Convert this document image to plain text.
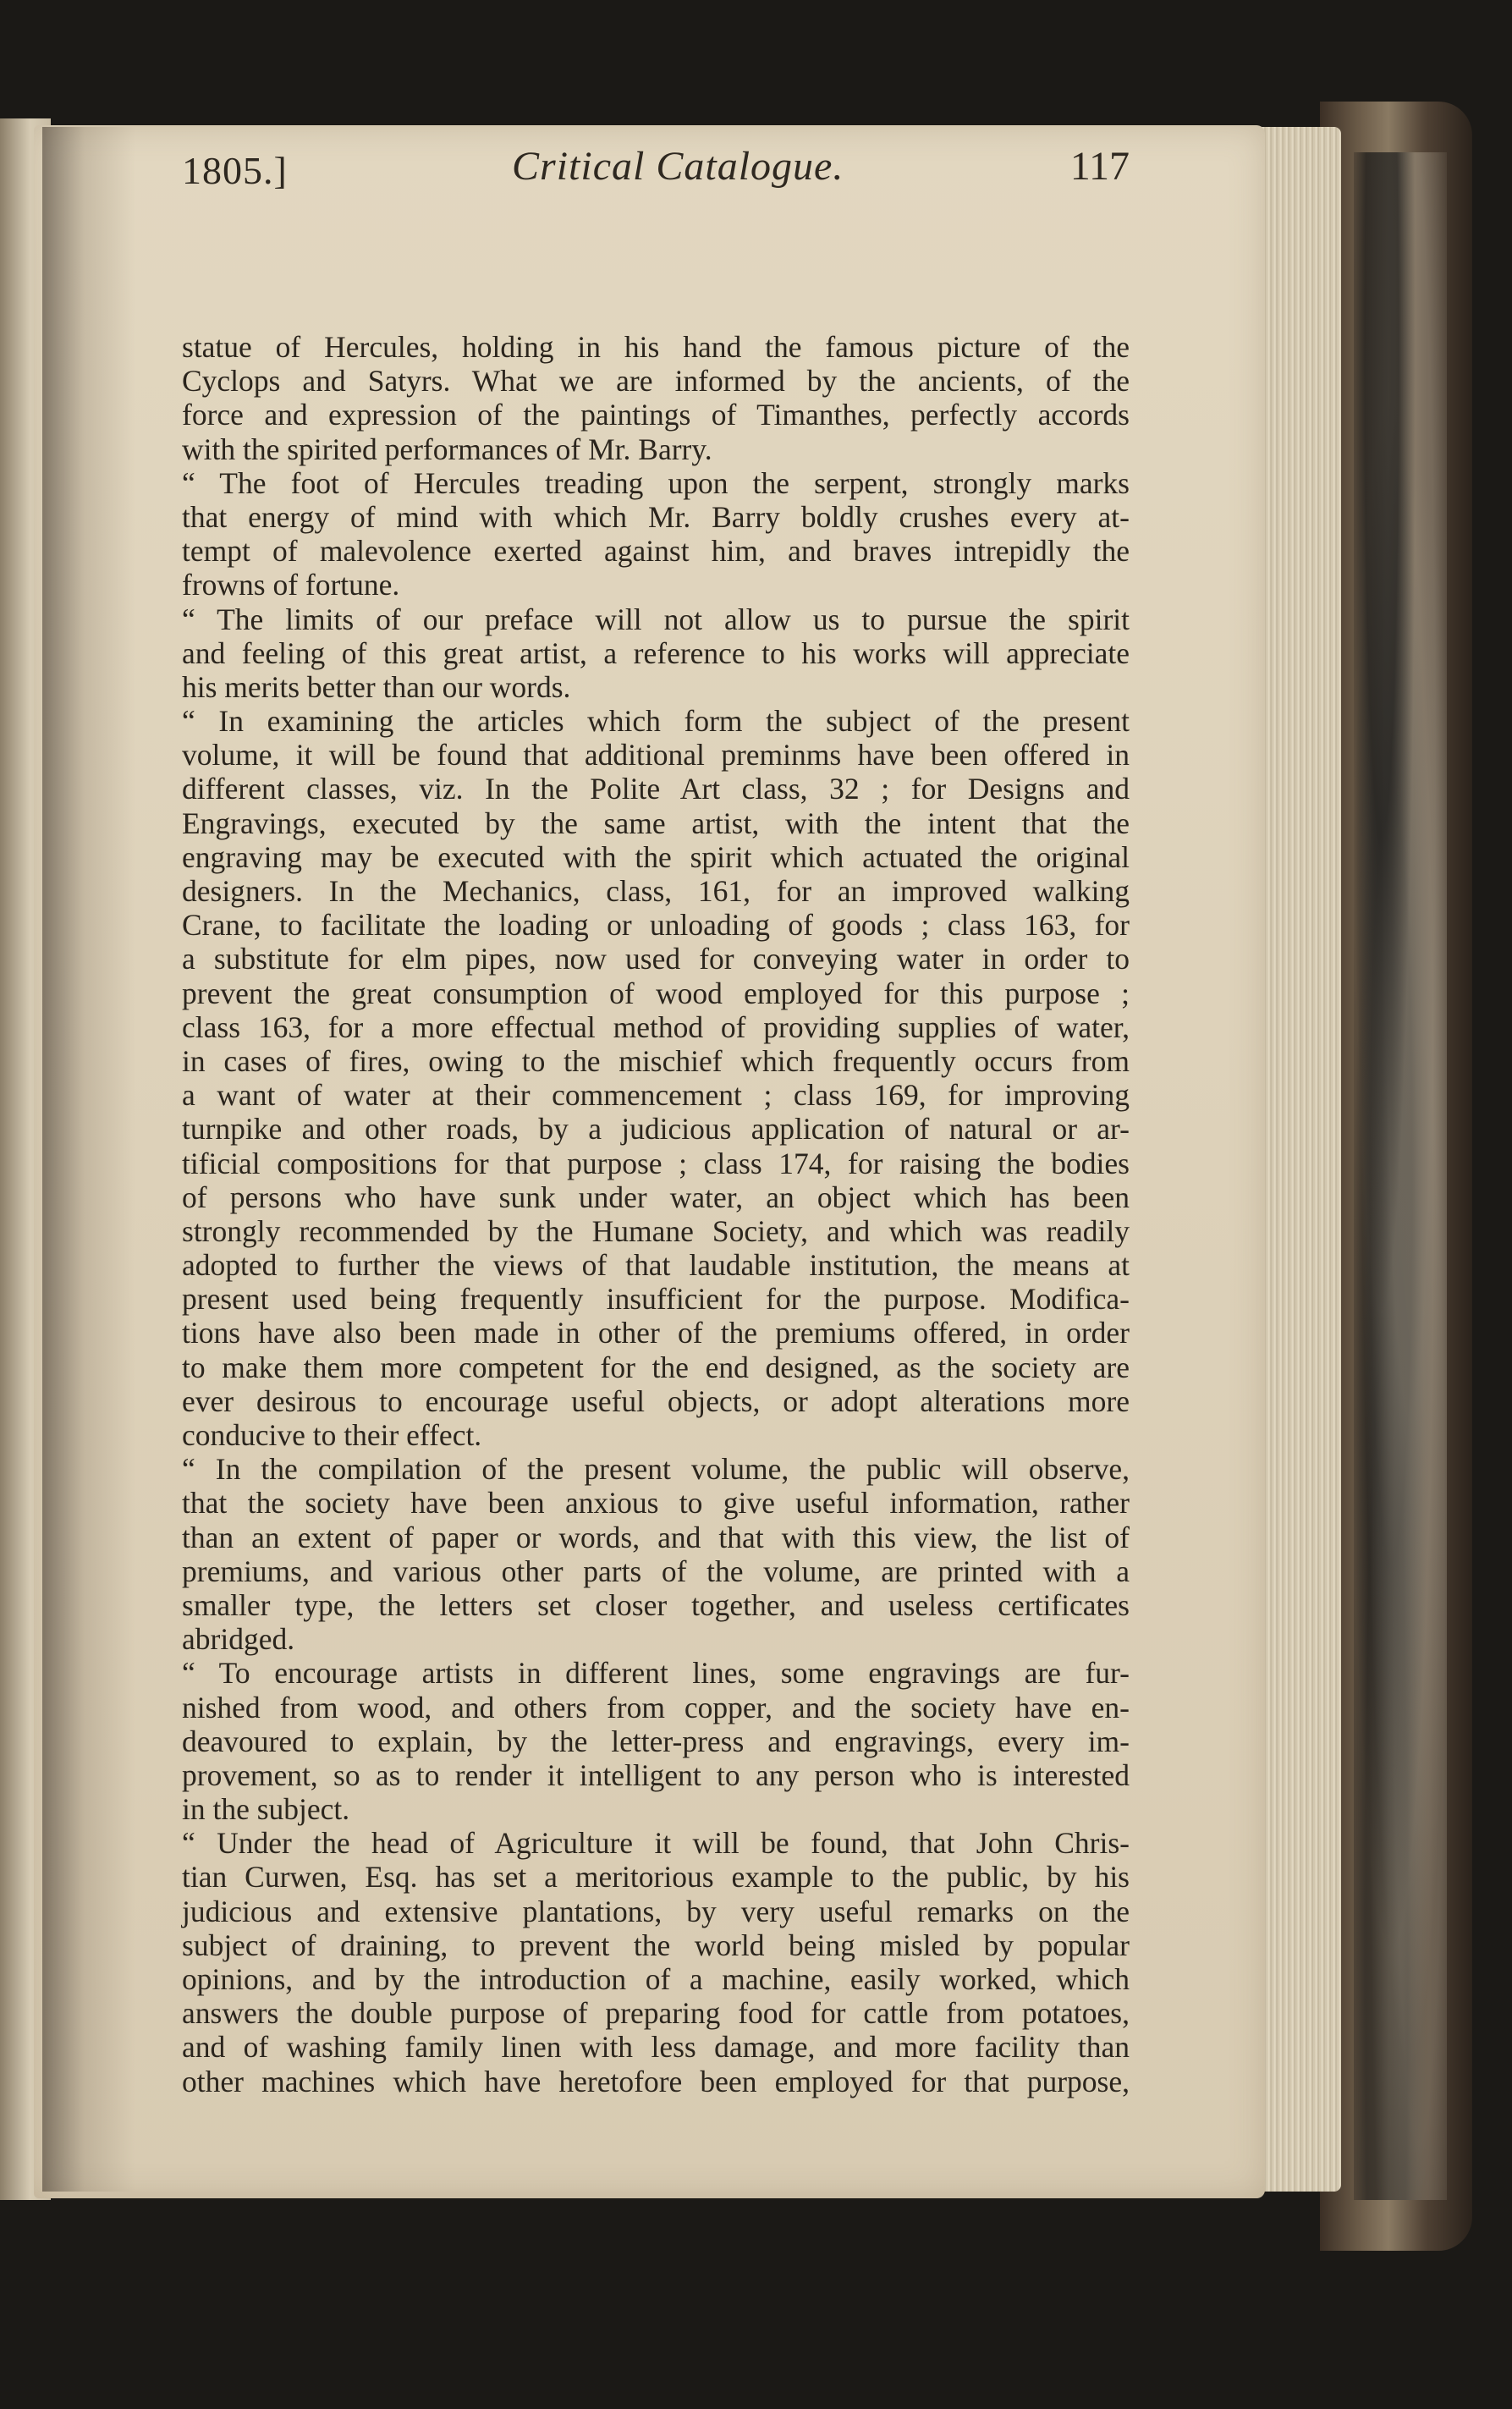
1805.]	Critical Catalogue.	117
statue of Hercules, holding in his hand the famous picture of the
Cyclops and Satyrs. What we are informed by the ancients, of the
force and expression of the paintings of Timanthes, perfectly accords
with the spirited performances of Mr. Barry.
“ The foot of Hercules treading upon the serpent, strongly marks
that energy of mind with which Mr. Barry boldly crushes every at-
tempt of malevolence exerted against him, and braves intrepidly the
frowns of fortune.
“ The limits of our preface will not allow us to pursue the spirit
and feeling of this great artist, a reference to his works will appreciate
his merits better than our words.
“ In examining the articles which form the subject of the present
volume, it will be found that additional preminms have been offered in
different classes, viz. In the Polite Art class, 32 ; for Designs and
Engravings, executed by the same artist, with the intent that the
engraving may be executed with the spirit which actuated the original
designers. In the Mechanics, class, 161, for an improved walking
Crane, to facilitate the loading or unloading of goods ; class 163, for
a substitute for elm pipes, now used for conveying water in order to
prevent the great consumption of wood employed for this purpose ;
class 163, for a more effectual method of providing supplies of water,
in cases of fires, owing to the mischief which frequently occurs from
a want of water at their commencement ; class 169, for improving
turnpike and other roads, by a judicious application of natural or ar-
tificial compositions for that purpose ; class 174, for raising the bodies
of persons who have sunk under water, an object which has been
strongly recommended by the Humane Society, and which was readily
adopted to further the views of that laudable institution, the means at
present used being frequently insufficient for the purpose. Modifica-
tions have also been made in other of the premiums offered, in order
to make them more competent for the end designed, as the society are
ever desirous to encourage useful objects, or adopt alterations more
conducive to their effect.
“ In the compilation of the present volume, the public will observe,
that the society have been anxious to give useful information, rather
than an extent of paper or words, and that with this view, the list of
premiums, and various other parts of the volume, are printed with a
smaller type, the letters set closer together, and useless certificates
abridged.
“ To encourage artists in different lines, some engravings are fur-
nished from wood, and others from copper, and the society have en-
deavoured to explain, by the letter-press and engravings, every im-
provement, so as to render it intelligent to any person who is interested
in the subject.
“ Under the head of Agriculture it will be found, that John Chris-
tian Curwen, Esq. has set a meritorious example to the public, by his
judicious and extensive plantations, by very useful remarks on the
subject of draining, to prevent the world being misled by popular
opinions, and by the introduction of a machine, easily worked, which
answers the double purpose of preparing food for cattle from potatoes,
and of washing family linen with less damage, and more facility than
other machines which have heretofore been employed for that purpose,
